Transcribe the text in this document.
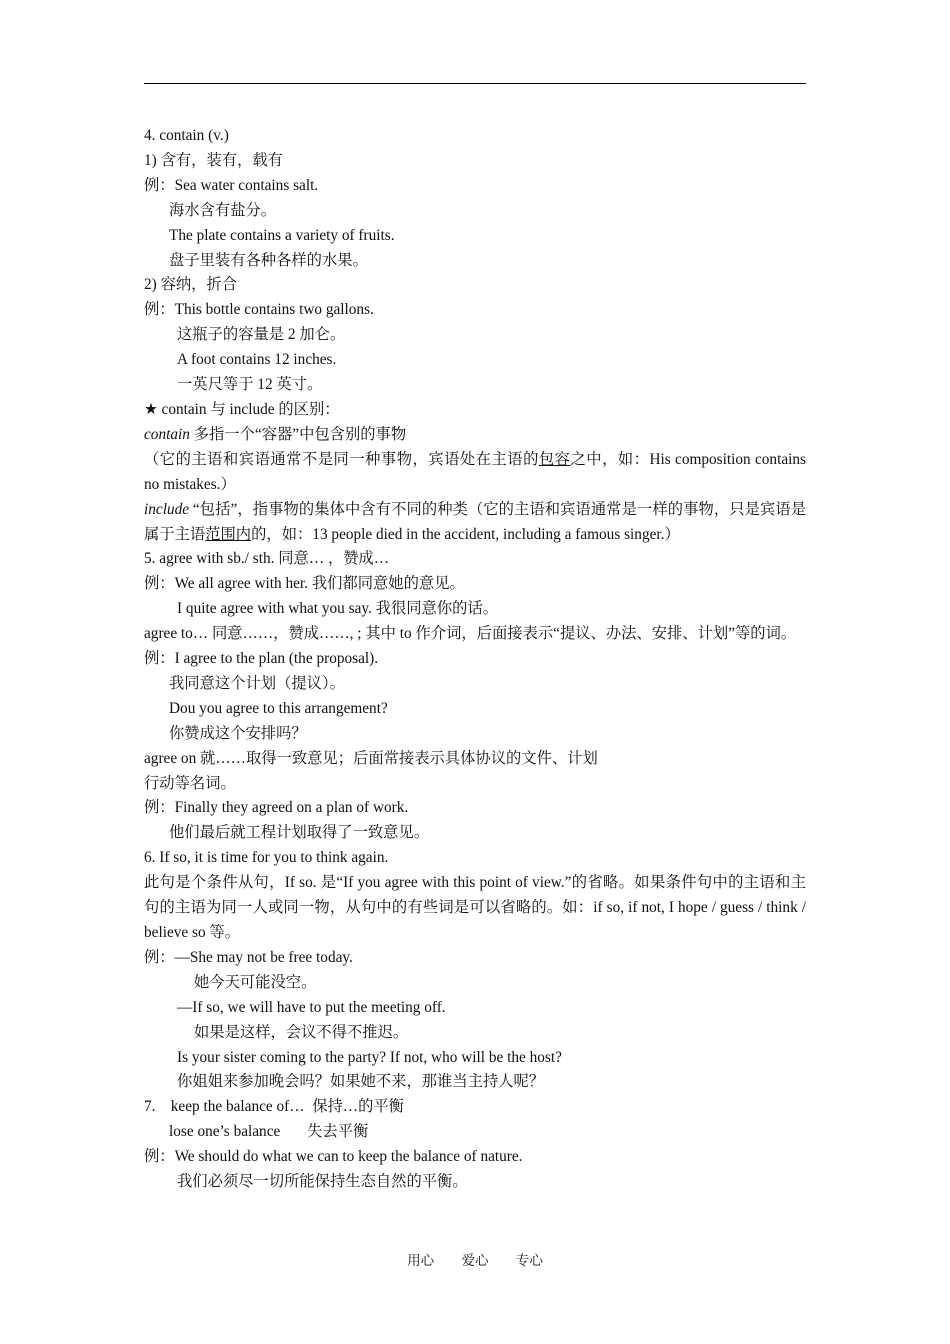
4. contain (v.)

1) 含有，装有，载有

例：Sea water contains salt.

海水含有盐分。

The plate contains a variety of fruits.

盘子里装有各种各样的水果。

2) 容纳，折合

例：This bottle contains two gallons.

这瓶子的容量是 2 加仑。

A foot contains 12 inches.

一英尺等于 12 英寸。

★ contain 与 include 的区别：

contain 多指一个“容器”中包含别的事物

（它的主语和宾语通常不是同一种事物，宾语处在主语的包容之中，如：His composition contains no mistakes.）

include “包括”，指事物的集体中含有不同的种类（它的主语和宾语通常是一样的事物，只是宾语是属于主语范围内的，如：13 people died in the accident, including a famous singer.）

5. agree with sb./ sth. 同意… ，赞成…

例：We all agree with her. 我们都同意她的意见。

I quite agree with what you say. 我很同意你的话。

agree to… 同意……，赞成……, ; 其中 to 作介词，后面接表示“提议、办法、安排、计划”等的词。

例：I agree to the plan (the proposal).

我同意这个计划（提议）。

Dou you agree to this arrangement?

你赞成这个安排吗？

agree on 就……取得一致意见；后面常接表示具体协议的文件、计划

行动等名词。

例：Finally they agreed on a plan of work.

他们最后就工程计划取得了一致意见。

6. If so, it is time for you to think again.

此句是个条件从句，If so. 是“If you agree with this point of view.”的省略。如果条件句中的主语和主句的主语为同一人或同一物，从句中的有些词是可以省略的。如：if so, if not, I hope / guess / think / believe so 等。

例：—She may not be free today.

她今天可能没空。

—If so, we will have to put the meeting off.

如果是这样，会议不得不推迟。

Is your sister coming to the party? If not, who will be the host?

你姐姐来参加晚会吗？如果她不来，那谁当主持人呢？

7.    keep the balance of…  保持…的平衡

lose one’s balance       失去平衡

例：We should do what we can to keep the balance of nature.

我们必须尽一切所能保持生态自然的平衡。

用心 爱心 专心
